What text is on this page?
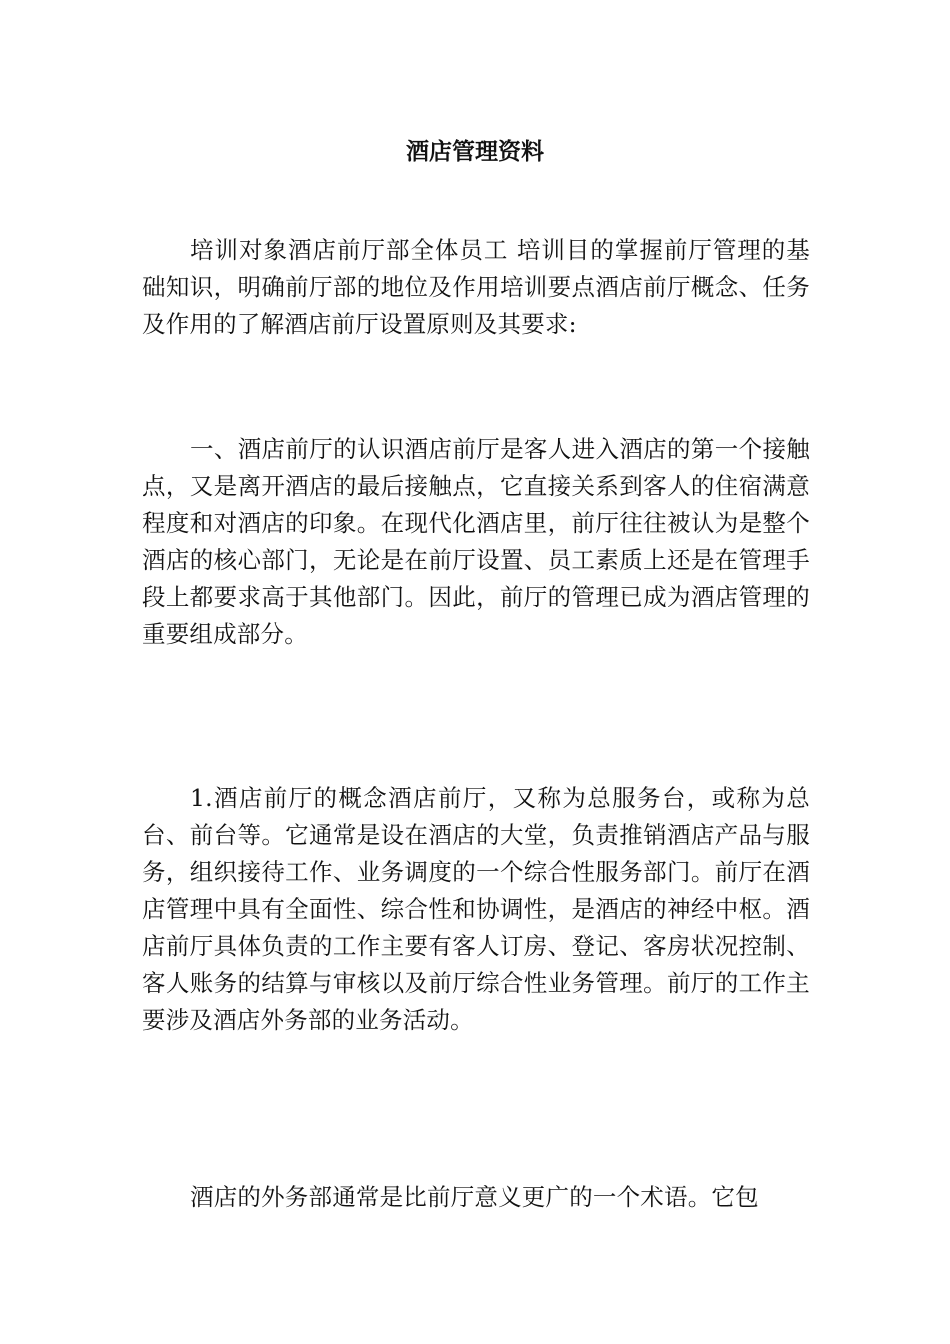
酒店管理资料

培训对象酒店前厅部全体员工 培训目的掌握前厅管理的基础知识，明确前厅部的地位及作用培训要点酒店前厅概念、任务及作用的了解酒店前厅设置原则及其要求:

一、酒店前厅的认识酒店前厅是客人进入酒店的第一个接触点，又是离开酒店的最后接触点，它直接关系到客人的住宿满意程度和对酒店的印象。在现代化酒店里，前厅往往被认为是整个酒店的核心部门，无论是在前厅设置、员工素质上还是在管理手段上都要求高于其他部门。因此，前厅的管理已成为酒店管理的重要组成部分。

1.酒店前厅的概念酒店前厅，又称为总服务台，或称为总台、前台等。它通常是设在酒店的大堂，负责推销酒店产品与服务，组织接待工作、业务调度的一个综合性服务部门。前厅在酒店管理中具有全面性、综合性和协调性，是酒店的神经中枢。酒店前厅具体负责的工作主要有客人订房、登记、客房状况控制、客人账务的结算与审核以及前厅综合性业务管理。前厅的工作主要涉及酒店外务部的业务活动。

酒店的外务部通常是比前厅意义更广的一个术语。它包
